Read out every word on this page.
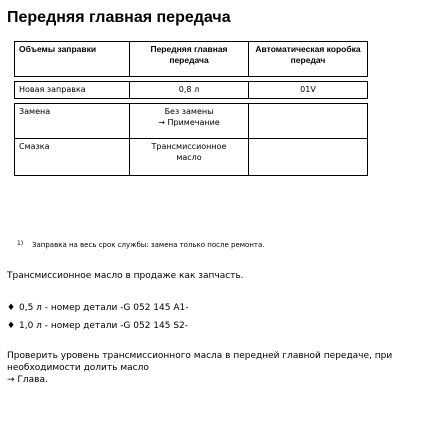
Передняя главная передача
Объемы заправки	Передняя главная передача	Автоматическая коробка передач

Новая заправка	0,8 л	01V

Замена	Без замены
→ Примечание	

Смазка	Трансмиссионное масло	
1) Заправка на весь срок службы: замена только после ремонта.
Трансмиссионное масло в продаже как запчасть.
♦ 0,5 л - номер детали -G 052 145 A1-
♦ 1,0 л - номер детали -G 052 145 S2-
Проверить уровень трансмиссионного масла в передней главной передаче, при необходимости долить масло
→ Глава.
